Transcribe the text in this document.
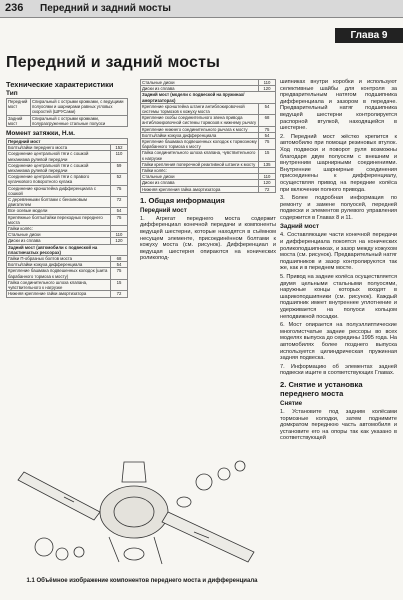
236 Передний и задний мосты
Глава 9
Передний и задний мосты
Технические характеристики
Тип
Передний мост	Спиральный с острыми кромками, с ведущими полуосями и шарнирами равных угловых скоростей (ШРУСами)
Задний мост	Спиральный с острыми кромками, полуразгруженные стальные полуоси
Момент затяжки, Н.м.
Передний мост	
Болты/гайки переднего моста	152
Соединение центральной тяги с сошкой механизма рулевой передачи	110
Соединение центральной тяги с сошкой механизма рулевой передачи	59
Соединение центральной тяги с правого кулачкового поворотного кулака	52
Соединение кронштейна дифференциала с сошкой	75
С деревянными болтами с бензиновым двигателем	72
Все осевые модели	54
Крепёжные болты/гайки переходных переднего моста	75
Гайки колёс:	
Стальные диски	110
Диски из сплава	120
Задний мост (автомобили с подвеской на пластинчатых рессорах)	
Гайки П-образных болтов моста	68
Болты/гайки кожуха дифференциала	54
Крепление башмака подвешенных колодок (шита барабанного тормоза к мосту)	75
Гайка соединительного шлоха клапана, чувствительного к нагрузке	15
Нижняя крепление гайки амортизатора	72
Стальные диски	110
Диски из сплава	120
Задний мост (модели с подвеской на пружинах/амортизаторах)	
Крепление кронштейна штанги антиблокировочной системы тормозов к кожуху моста	54
Крепление скобы соединительного звена привода антиблокировочной системы тормозов к нижнему рычагу	68
Крепление нижнего соединительного рычага к мосту	75
Болты/гайки кожуха дифференциала	54
Крепление башмака подвешенных колодок к тормозному барабанного тормоза к мосту	75
Гайка соединительного шлоха клапана, чувствительного к нагрузке	15
Гайки крепления поперечной реактивной штанги к мосту	135
Гайки колёс:	
Стальные диски	110
Диски из сплава	120
Нижняя крепления гайка амортизатора	72
1. Общая информация
Передний мост

1. Агрегат переднего моста содержит дифференциал конечной передачи и компоненты ведущей шестерни, которые находятся в съёмном несущем элементе, присоединённом болтами к кожуху моста (см. рисунок). Дифференциал и ведущая шестерня опираются на конических роликопод-

шипниках внутри коробки и используют селективные шайбы для контроля за предварительным натягом подшипника дифференциала и зазором в передаче. Предварительный натяг подшипника ведущей шестерни контролируется распорной втулкой, находящейся в шестерне.

2. Передний мост жёстко крепится к автомобилю при помощи резиновых втулок. Ход подвески и поворот руля возможны благодаря двум полуосям с внешним и внутренним шарнирными соединениями. Внутренние шарнирные соединения присоединены к дифференциалу, осуществляя привод на передние колёса при включении полного привода.

3. Более подробная информация по ремонту и замене полуосей, передней подвески и элементов рулевого управления содержится в Главах 8 и 11.

Задний мост

4. Составляющие части конечной передачи и дифференциала покоятся на конических роликоподшипниках, и зазор между кожухом моста (см. рисунок). Предварительный натяг подшипников и зазор контролируются так же, как и в переднем мосте.

5. Привод на задние колёса осуществляется двумя цельными стальными полуосями, наружные концы которых входят в шарикоподшипники (см. рисунок). Каждый подшипник имеет внутреннее уплотнение и удерживается на полуоси кольцом неподвижной посадки.

6. Мост опирается на полуэллиптические многолистчатые задние рессоры во всех моделях выпуска до середины 1995 года. На автомобилях более позднего выпуска используется цилиндрическая пружинная задняя подвеска.

7. Информацию об элементах задней подвески ищите в соответствующих Главах.

2. Снятие и установка переднего моста
Снятие

1. Установите под задним колёсами тормозные колодки, затем поднимите домкратом переднюю часть автомобиля и установите его на опоры так как указано в соответствующей

1.1 Объёмное изображение компонентов переднего моста и дифференциала
